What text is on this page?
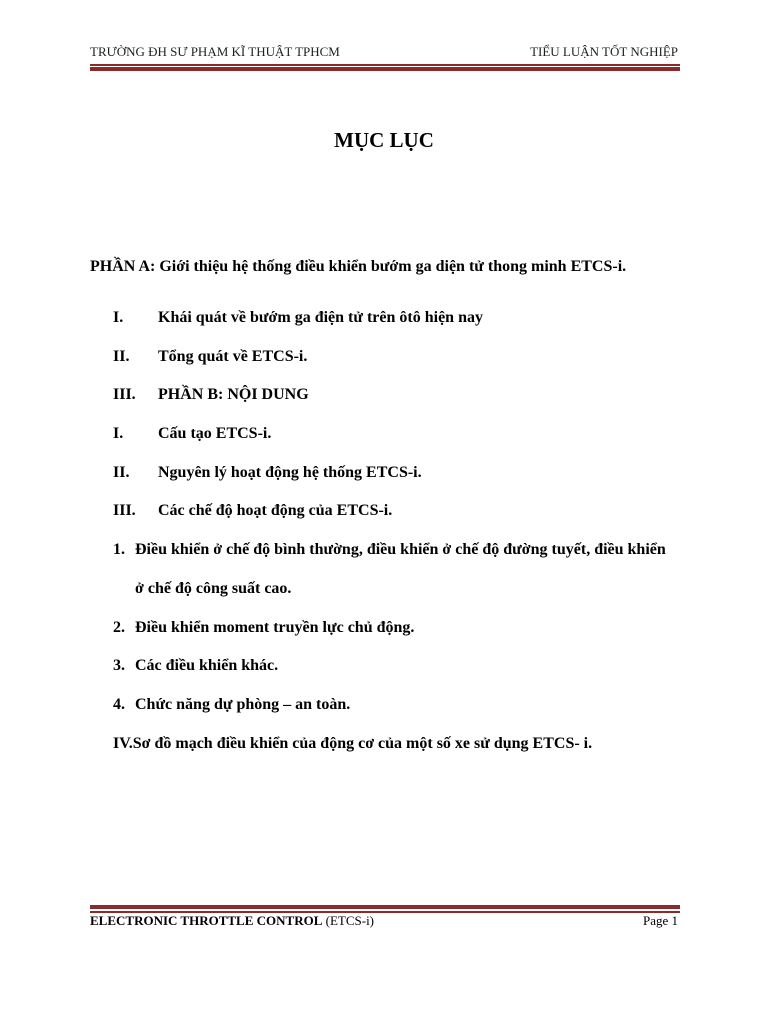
TRƯỜNG ĐH SƯ PHẠM KĨ THUẬT TPHCM	TIỂU LUẬN TỐT NGHIỆP
MỤC LỤC
PHẦN A: Giới thiệu hệ thống điều khiển bướm ga diện tử thong minh ETCS-i.
I. Khái quát về bướm ga điện tử trên ôtô hiện nay
II. Tổng quát về ETCS-i.
III. PHẦN B: NỘI DUNG
I. Cấu tạo ETCS-i.
II. Nguyên lý hoạt động hệ thống ETCS-i.
III. Các chế độ hoạt động của ETCS-i.
1. Điều khiển ở chế độ bình thường, điều khiển ở chế độ đường tuyết, điều khiển
ở chế độ công suất cao.
2. Điều khiển moment truyền lực chủ động.
3. Các điều khiển khác.
4. Chức năng dự phòng – an toàn.
IV.Sơ đồ mạch điều khiển của động cơ của một số xe sử dụng ETCS- i.
ELECTRONIC THROTTLE CONTROL (ETCS-i)	Page 1
